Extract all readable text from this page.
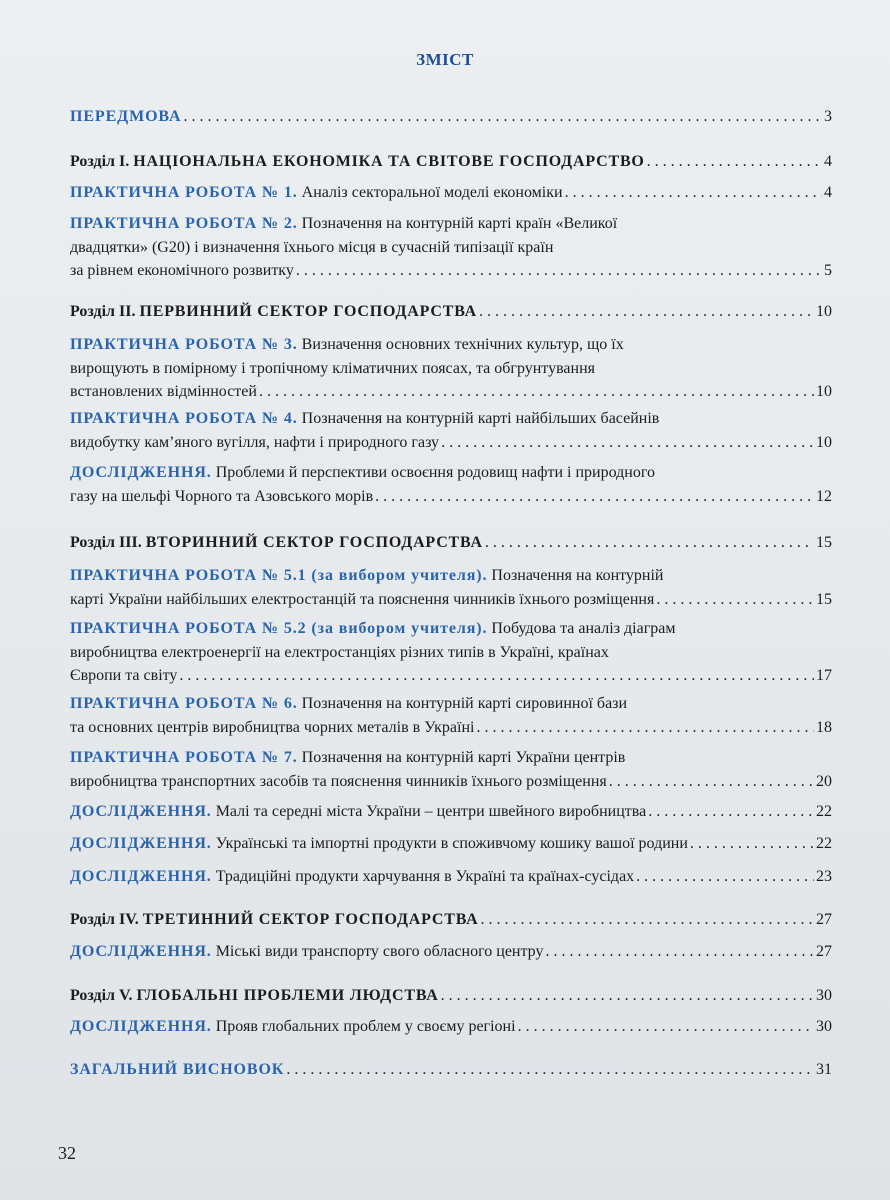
ЗМІСТ
ПЕРЕДМОВА . . .	3
Розділ І. НАЦІОНАЛЬНА ЕКОНОМІКА ТА СВІТОВЕ ГОСПОДАРСТВО . . .	4
ПРАКТИЧНА РОБОТА № 1. Аналіз секторальної моделі економіки . . .	4
ПРАКТИЧНА РОБОТА № 2. Позначення на контурній карті країн «Великої
двадцятки» (G20) і визначення їхнього місця в сучасній типізації країн
за рівнем економічного розвитку . . .	5
Розділ ІІ. ПЕРВИННИЙ СЕКТОР ГОСПОДАРСТВА . . .	10
ПРАКТИЧНА РОБОТА № 3. Визначення основних технічних культур, що їх
вирощують в помірному і тропічному кліматичних поясах, та обгрунтування
встановлених відмінностей . . .	10
ПРАКТИЧНА РОБОТА № 4. Позначення на контурній карті найбільших басейнів
видобутку кам’яного вугілля, нафти і природного газу . . .	10
ДОСЛІДЖЕННЯ. Проблеми й перспективи освоєння родовищ нафти і природного
газу на шельфі Чорного та Азовського морів . . .	12
Розділ ІІІ. ВТОРИННИЙ СЕКТОР ГОСПОДАРСТВА . . .	15
ПРАКТИЧНА РОБОТА № 5.1 (за вибором учителя). Позначення на контурній
карті України найбільших електростанцій та пояснення чинників їхнього розміщення . . .	15
ПРАКТИЧНА РОБОТА № 5.2 (за вибором учителя). Побудова та аналіз діаграм
виробництва електроенергії на електростанціях різних типів в Україні, країнах
Європи та світу . . .	17
ПРАКТИЧНА РОБОТА № 6. Позначення на контурній карті сировинної бази
та основних центрів виробництва чорних металів в Україні . . .	18
ПРАКТИЧНА РОБОТА № 7. Позначення на контурній карті України центрів
виробництва транспортних засобів та пояснення чинників їхнього розміщення . . .	20
ДОСЛІДЖЕННЯ. Малі та середні міста України – центри швейного виробництва . . .	22
ДОСЛІДЖЕННЯ. Українські та імпортні продукти в споживчому кошику вашої родини . . .	22
ДОСЛІДЖЕННЯ. Традиційні продукти харчування в Україні та країнах-сусідах . . .	23
Розділ IV. ТРЕТИННИЙ СЕКТОР ГОСПОДАРСТВА . . .	27
ДОСЛІДЖЕННЯ. Міські види транспорту свого обласного центру . . .	27
Розділ V. ГЛОБАЛЬНІ ПРОБЛЕМИ ЛЮДСТВА . . .	30
ДОСЛІДЖЕННЯ. Прояв глобальних проблем у своєму регіоні . . .	30
ЗАГАЛЬНИЙ ВИСНОВОК . . .	31
32
